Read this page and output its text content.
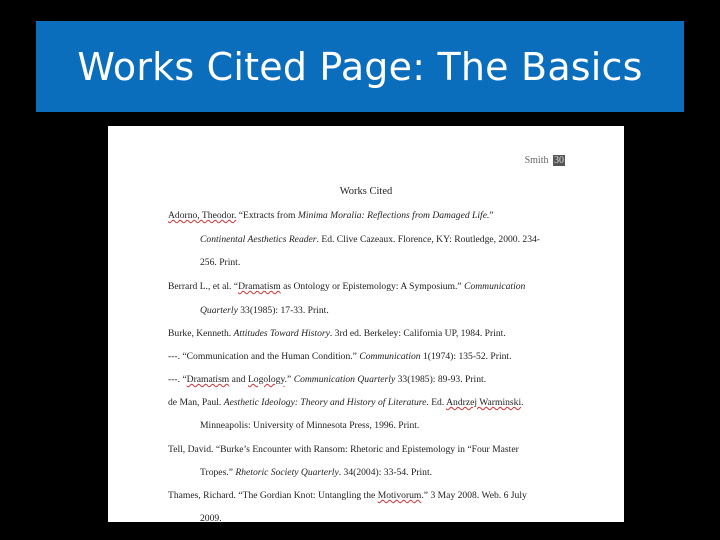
Works Cited Page: The Basics
Smith 30
Works Cited
Adorno, Theodor. “Extracts from Minima Moralia: Reflections from Damaged Life.”
Continental Aesthetics Reader. Ed. Clive Cazeaux. Florence, KY: Routledge, 2000. 234-
256. Print.
Berrard L., et al. “Dramatism as Ontology or Epistemology: A Symposium.” Communication
Quarterly 33(1985): 17-33. Print.
Burke, Kenneth. Attitudes Toward History. 3rd ed. Berkeley: California UP, 1984. Print.
---. “Communication and the Human Condition.” Communication 1(1974): 135-52. Print.
---. “Dramatism and Logology.” Communication Quarterly 33(1985): 89-93. Print.
de Man, Paul. Aesthetic Ideology: Theory and History of Literature. Ed. Andrzej Warminski.
Minneapolis: University of Minnesota Press, 1996. Print.
Tell, David. “Burke’s Encounter with Ransom: Rhetoric and Epistemology in “Four Master
Tropes.” Rhetoric Society Quarterly. 34(2004): 33-54. Print.
Thames, Richard. “The Gordian Knot: Untangling the Motivorum.” 3 May 2008. Web. 6 July
2009.
